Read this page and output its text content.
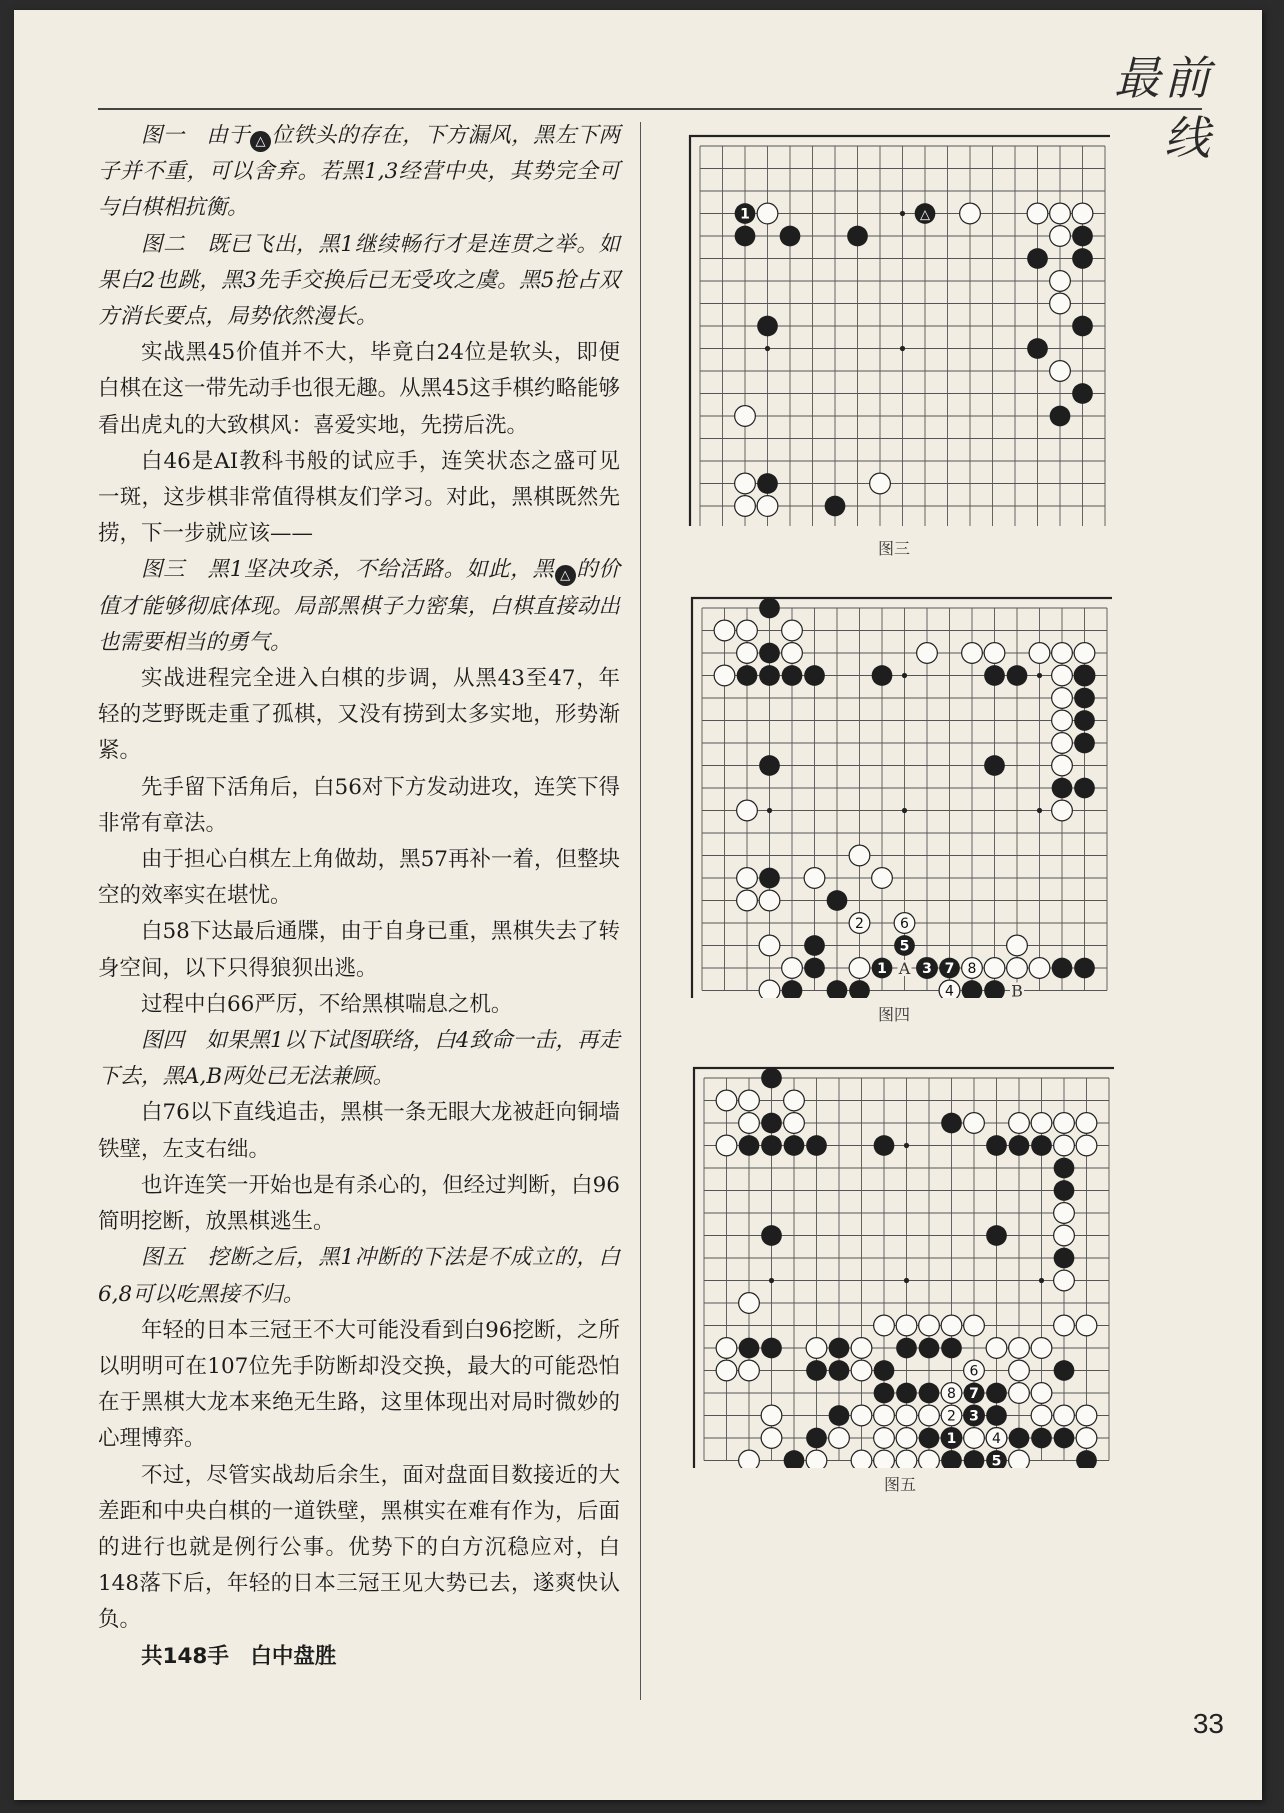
最前线

图一　由于 △ 位铁头的存在，下方漏风，黑左下两子并不重，可以舍弃。若黑1,3经营中央，其势完全可与白棋相抗衡。

图二　既已飞出，黑1继续畅行才是连贯之举。如果白2也跳，黑3先手交换后已无受攻之虞。黑5抢占双方消长要点，局势依然漫长。

实战黑45价值并不大，毕竟白24位是软头，即便白棋在这一带先动手也很无趣。从黑45这手棋约略能够看出虎丸的大致棋风：喜爱实地，先捞后洗。

白46是AI教科书般的试应手，连笑状态之盛可见一斑，这步棋非常值得棋友们学习。对此，黑棋既然先捞，下一步就应该——

图三　黑1坚决攻杀，不给活路。如此，黑 △ 的价值才能够彻底体现。局部黑棋子力密集，白棋直接动出也需要相当的勇气。

实战进程完全进入白棋的步调，从黑43至47，年轻的芝野既走重了孤棋，又没有捞到太多实地，形势渐紧。

先手留下活角后，白56对下方发动进攻，连笑下得非常有章法。

由于担心白棋左上角做劫，黑57再补一着，但整块空的效率实在堪忧。

白58下达最后通牒，由于自身已重，黑棋失去了转身空间，以下只得狼狈出逃。

过程中白66严厉，不给黑棋喘息之机。

图四　如果黑1以下试图联络，白4致命一击，再走下去，黑A,B两处已无法兼顾。

白76以下直线追击，黑棋一条无眼大龙被赶向铜墙铁壁，左支右绌。

也许连笑一开始也是有杀心的，但经过判断，白96简明挖断，放黑棋逃生。

图五　挖断之后，黑1冲断的下法是不成立的，白6,8可以吃黑接不归。

年轻的日本三冠王不大可能没看到白96挖断，之所以明明可在107位先手防断却没交换，最大的可能恐怕在于黑棋大龙本来绝无生路，这里体现出对局时微妙的心理博弈。

不过，尽管实战劫后余生，面对盘面目数接近的大差距和中央白棋的一道铁壁，黑棋实在难有作为，后面的进行也就是例行公事。优势下的白方沉稳应对，白148落下后，年轻的日本三冠王见大势已去，遂爽快认负。

共148手　白中盘胜

1	△
图三
1	3
5
7
2
4
6
8
A
B
图四
1
3
5
7
2
4
6
8
图五
33
